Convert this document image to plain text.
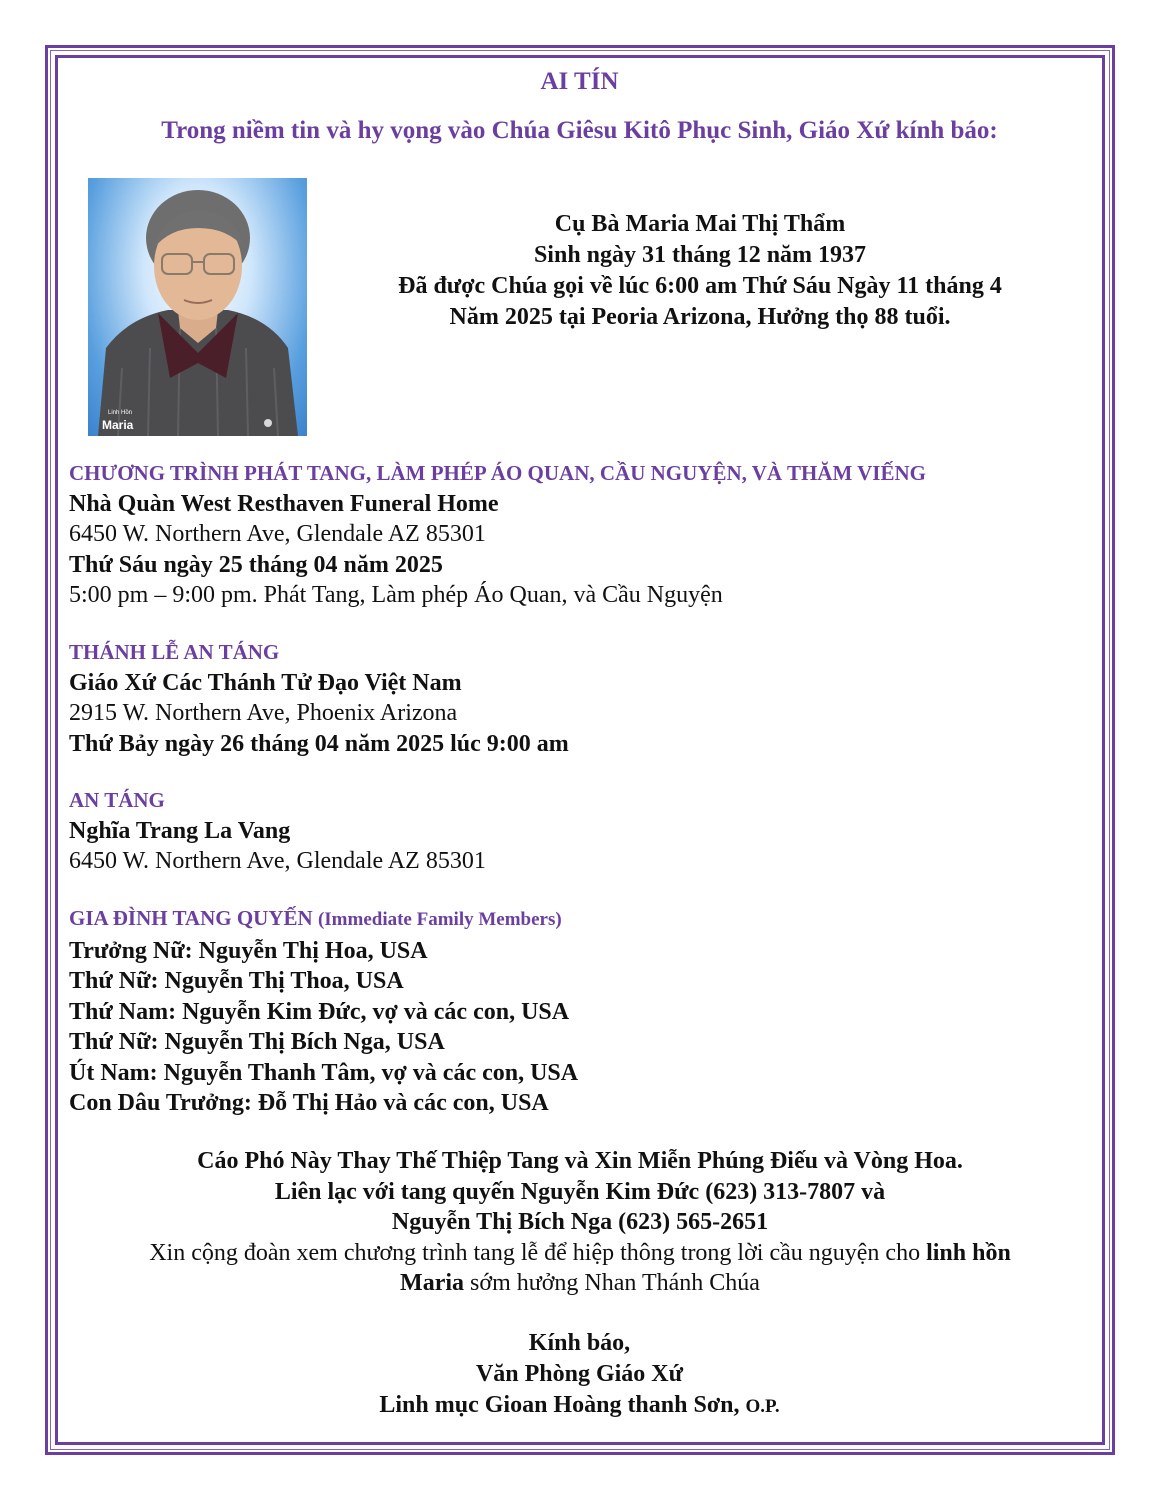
AI TÍN
Trong niềm tin và hy vọng vào Chúa Giêsu Kitô Phục Sinh, Giáo Xứ kính báo:
Linh Hồn
Maria
Cụ Bà Maria Mai Thị Thẩm
Sinh ngày 31 tháng 12 năm 1937
Đã được Chúa gọi về lúc 6:00 am Thứ Sáu Ngày 11 tháng 4
Năm 2025 tại Peoria Arizona, Hưởng thọ 88 tuổi.
CHƯƠNG TRÌNH PHÁT TANG, LÀM PHÉP ÁO QUAN, CẦU NGUYỆN, VÀ THĂM VIẾNG
Nhà Quàn West Resthaven Funeral Home
6450 W. Northern Ave, Glendale AZ 85301
Thứ Sáu ngày 25 tháng 04 năm 2025
5:00 pm – 9:00 pm. Phát Tang, Làm phép Áo Quan, và Cầu Nguyện
THÁNH LỄ AN TÁNG
Giáo Xứ Các Thánh Tử Đạo Việt Nam
2915 W. Northern Ave, Phoenix Arizona
Thứ Bảy ngày 26 tháng 04 năm 2025 lúc 9:00 am
AN TÁNG
Nghĩa Trang La Vang
6450 W. Northern Ave, Glendale AZ 85301
GIA ĐÌNH TANG QUYẾN (Immediate Family Members)
Trưởng Nữ: Nguyễn Thị Hoa, USA
Thứ Nữ: Nguyễn Thị Thoa, USA
Thứ Nam: Nguyễn Kim Đức, vợ và các con, USA
Thứ Nữ: Nguyễn Thị Bích Nga, USA
Út Nam: Nguyễn Thanh Tâm, vợ và các con, USA
Con Dâu Trưởng: Đỗ Thị Hảo và các con, USA
Cáo Phó Này Thay Thế Thiệp Tang và Xin Miễn Phúng Điếu và Vòng Hoa.
Liên lạc với tang quyến Nguyễn Kim Đức (623) 313-7807 và
Nguyễn Thị Bích Nga (623) 565-2651
Xin cộng đoàn xem chương trình tang lễ để hiệp thông trong lời cầu nguyện cho linh hồn
Maria sớm hưởng Nhan Thánh Chúa
Kính báo,
Văn Phòng Giáo Xứ
Linh mục Gioan Hoàng thanh Sơn, O.P.
